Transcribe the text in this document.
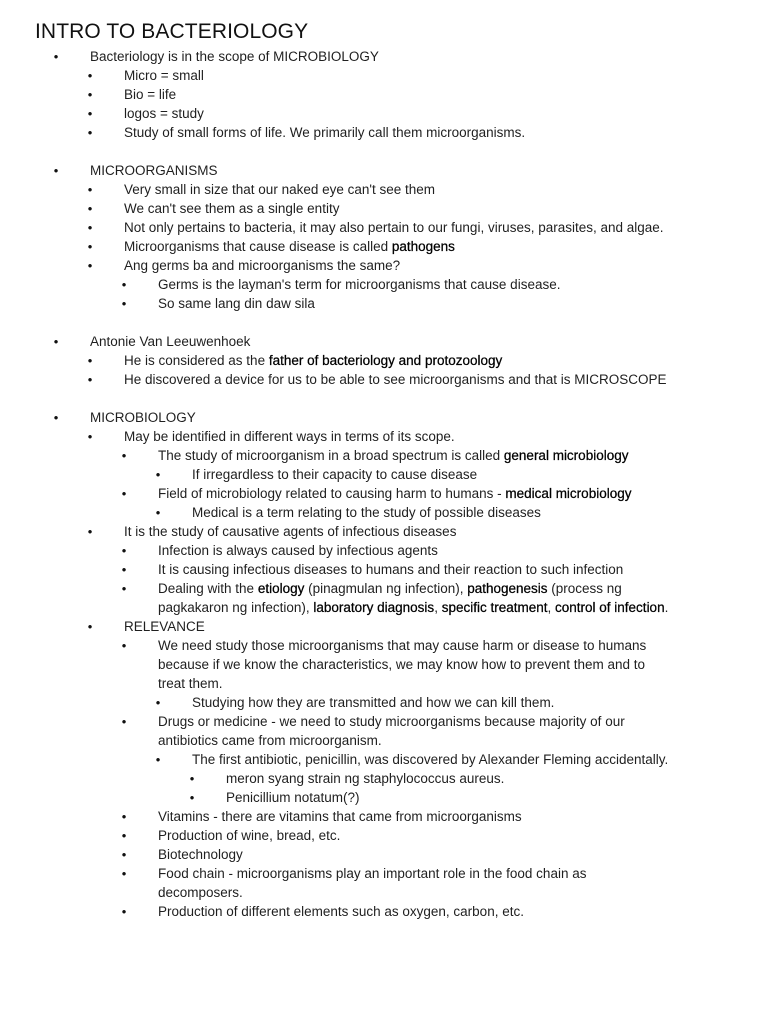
INTRO TO BACTERIOLOGY
• Bacteriology is in the scope of MICROBIOLOGY
• Micro = small
• Bio = life
• logos = study
• Study of small forms of life. We primarily call them microorganisms.
• MICROORGANISMS
• Very small in size that our naked eye can't see them
• We can't see them as a single entity
• Not only pertains to bacteria, it may also pertain to our fungi, viruses, parasites, and algae.
• Microorganisms that cause disease is called pathogens
• Ang germs ba and microorganisms the same?
• Germs is the layman's term for microorganisms that cause disease.
• So same lang din daw sila
• Antonie Van Leeuwenhoek
• He is considered as the father of bacteriology and protozoology
• He discovered a device for us to be able to see microorganisms and that is MICROSCOPE
• MICROBIOLOGY
• May be identified in different ways in terms of its scope.
• The study of microorganism in a broad spectrum is called general microbiology
• If irregardless to their capacity to cause disease
• Field of microbiology related to causing harm to humans - medical microbiology
• Medical is a term relating to the study of possible diseases
• It is the study of causative agents of infectious diseases
• Infection is always caused by infectious agents
• It is causing infectious diseases to humans and their reaction to such infection
• Dealing with the etiology (pinagmulan ng infection), pathogenesis (process ng
pagkakaron ng infection), laboratory diagnosis, specific treatment, control of infection.
• RELEVANCE
• We need study those microorganisms that may cause harm or disease to humans
because if we know the characteristics, we may know how to prevent them and to
treat them.
• Studying how they are transmitted and how we can kill them.
• Drugs or medicine - we need to study microorganisms because majority of our
antibiotics came from microorganism.
• The first antibiotic, penicillin, was discovered by Alexander Fleming accidentally.
• meron syang strain ng staphylococcus aureus.
• Penicillium notatum(?)
• Vitamins - there are vitamins that came from microorganisms
• Production of wine, bread, etc.
• Biotechnology
• Food chain - microorganisms play an important role in the food chain as
decomposers.
• Production of different elements such as oxygen, carbon, etc.
